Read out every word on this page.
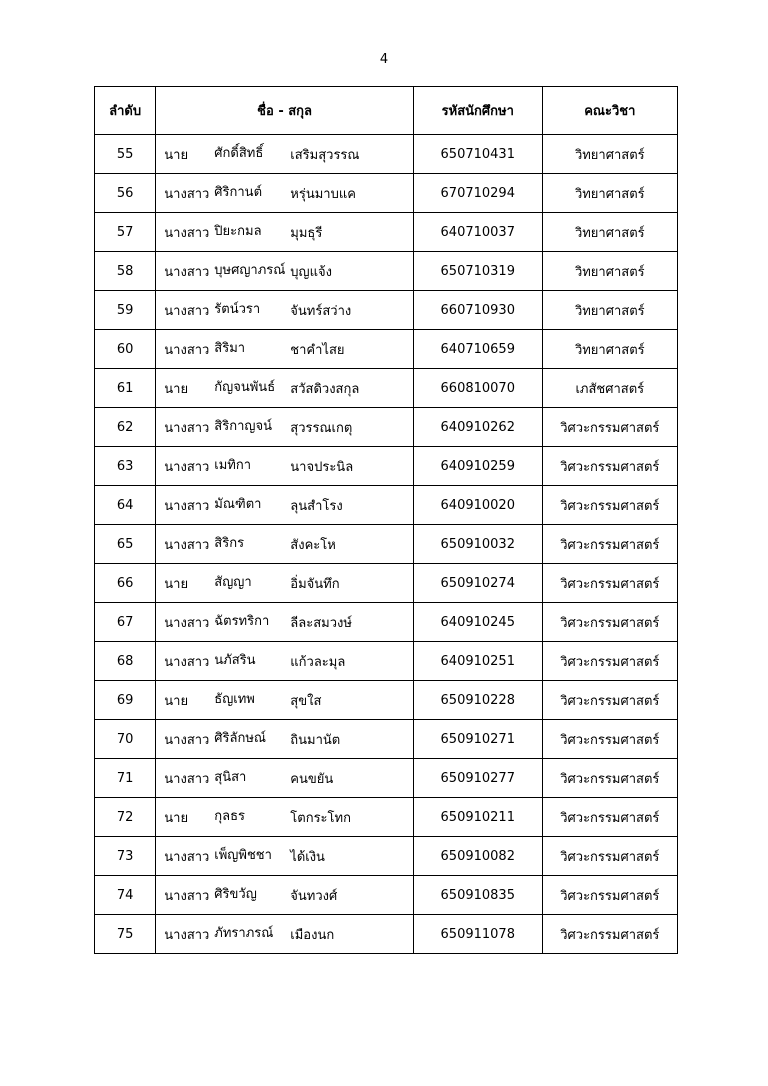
4
ลำดับ	ชื่อ - สกุล	รหัสนักศึกษา	คณะวิชา
55	นาย ศักดิ์สิทธิ์ เสริมสุวรรณ	650710431	วิทยาศาสตร์
56	นางสาว ศิริกานต์ หรุ่นมาบแค	670710294	วิทยาศาสตร์
57	นางสาว ปิยะกมล มุมธุรี	640710037	วิทยาศาสตร์
58	นางสาว บุษศญาภรณ์ บุญแจ้ง	650710319	วิทยาศาสตร์
59	นางสาว รัตน์วรา จันทร์สว่าง	660710930	วิทยาศาสตร์
60	นางสาว สิริมา ชาคำไสย	640710659	วิทยาศาสตร์
61	นาย กัญจนพันธ์ สวัสดิวงสกุล	660810070	เภสัชศาสตร์
62	นางสาว สิริกาญจน์ สุวรรณเกตุ	640910262	วิศวะกรรมศาสตร์
63	นางสาว เมทิกา นาจประนิล	640910259	วิศวะกรรมศาสตร์
64	นางสาว มัณฑิตา ลุนสำโรง	640910020	วิศวะกรรมศาสตร์
65	นางสาว สิริกร สังคะโห	650910032	วิศวะกรรมศาสตร์
66	นาย สัญญา อิ่มจันทึก	650910274	วิศวะกรรมศาสตร์
67	นางสาว ฉัตรทริกา ลีละสมวงษ์	640910245	วิศวะกรรมศาสตร์
68	นางสาว นภัสริน แก้วละมุล	640910251	วิศวะกรรมศาสตร์
69	นาย ธัญเทพ สุขใส	650910228	วิศวะกรรมศาสตร์
70	นางสาว ศิริลักษณ์ ถินมานัต	650910271	วิศวะกรรมศาสตร์
71	นางสาว สุนิสา คนขยัน	650910277	วิศวะกรรมศาสตร์
72	นาย กุลธร โตกระโทก	650910211	วิศวะกรรมศาสตร์
73	นางสาว เพ็ญพิชชา ได้เงิน	650910082	วิศวะกรรมศาสตร์
74	นางสาว ศิริขวัญ จันทวงศ์	650910835	วิศวะกรรมศาสตร์
75	นางสาว ภัทราภรณ์ เมืองนก	650911078	วิศวะกรรมศาสตร์
